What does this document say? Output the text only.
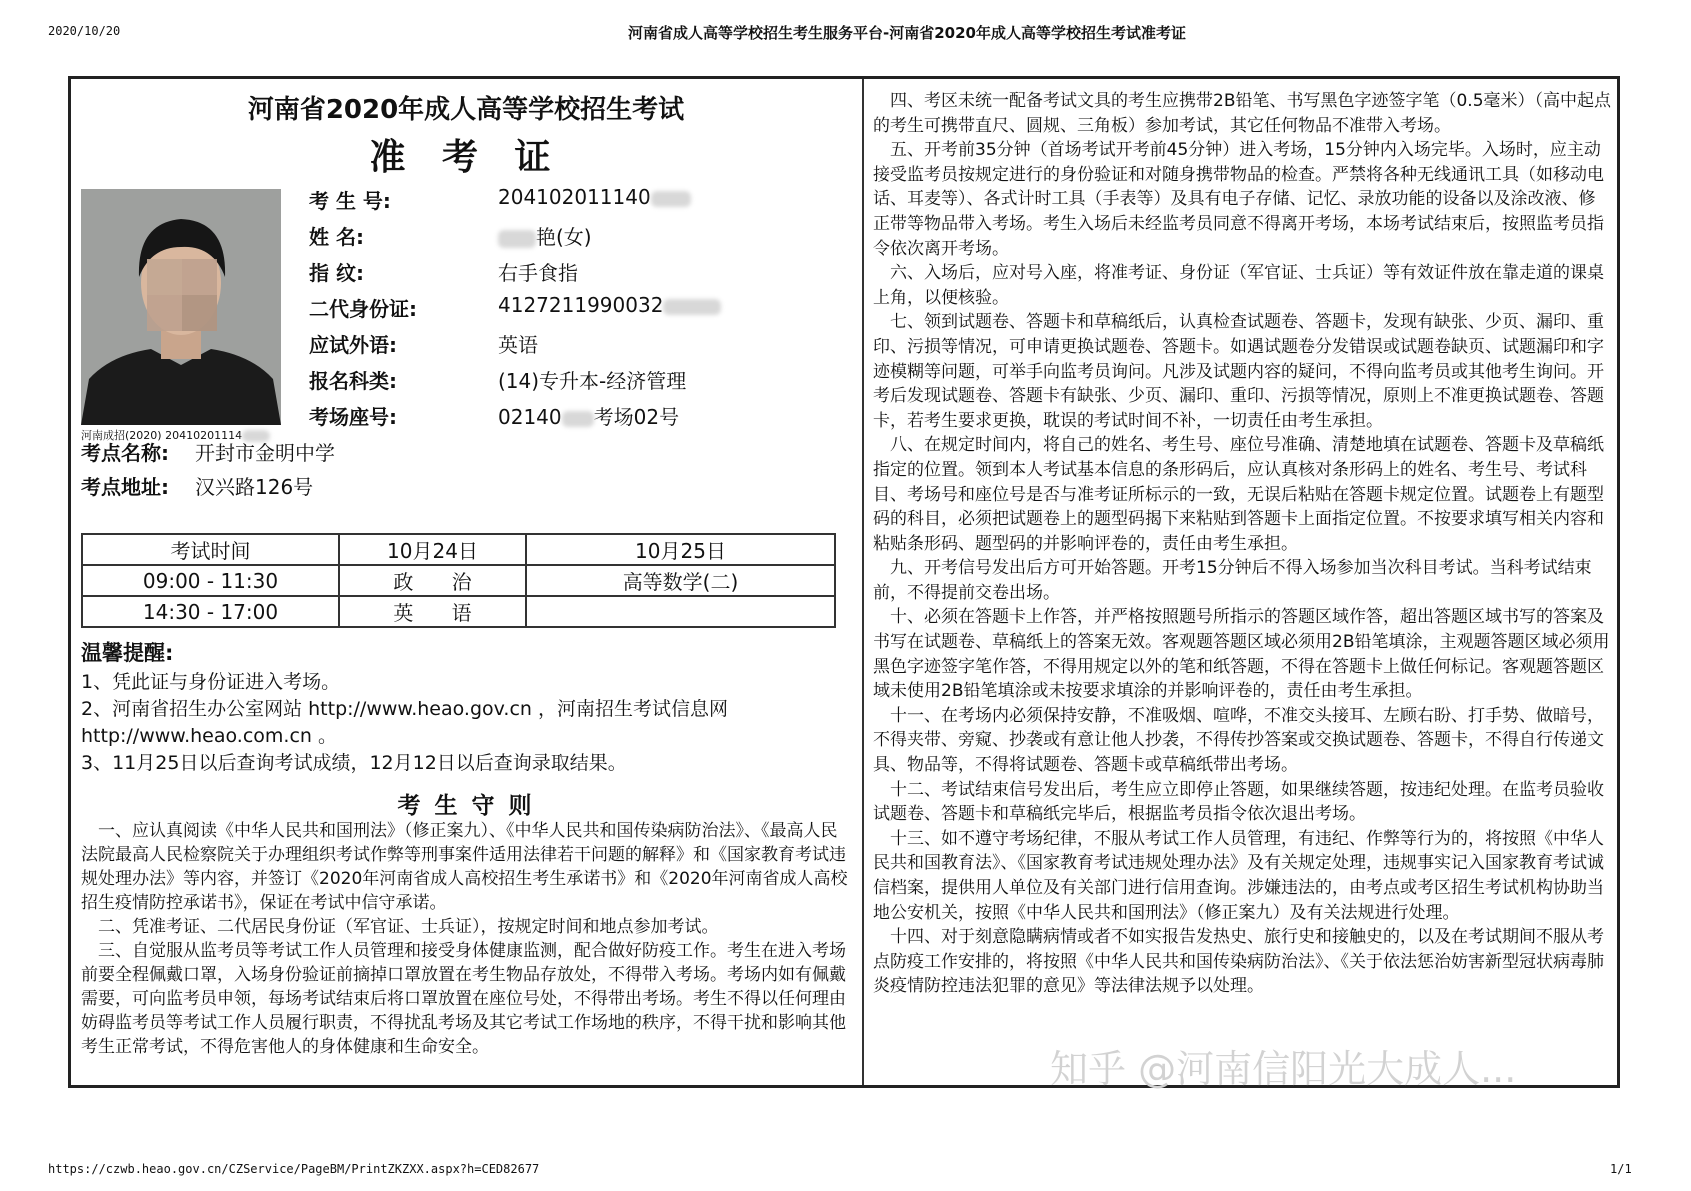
2020/10/20	河南省成人高等学校招生考生服务平台-河南省2020年成人高等学校招生考试准考证
河南省2020年成人高等学校招生考试
准 考 证
河南成招(2020) 20410201114
考 生 号:	204102011140
姓 名:	艳(女)
指 纹:	右手食指
二代身份证:	4127211990032
应试外语:	英语
报名科类:	(14)专升本-经济管理
考场座号:	02140 考场02号
考点名称: 开封市金明中学
考点地址: 汉兴路126号
考试时间	10月24日	10月25日
09:00 - 11:30	政      治	高等数学(二)
14:30 - 17:00	英      语	
温馨提醒:

1、凭此证与身份证进入考场。

2、河南省招生办公室网站 http://www.heao.gov.cn ，河南招生考试信息网

http://www.heao.com.cn 。

3、11月25日以后查询考试成绩，12月12日以后查询录取结果。

考 生 守 则

一、应认真阅读《中华人民共和国刑法》（修正案九）、《中华人民共和国传染病防治法》、《最高人民法院最高人民检察院关于办理组织考试作弊等刑事案件适用法律若干问题的解释》和《国家教育考试违规处理办法》等内容，并签订《2020年河南省成人高校招生考生承诺书》和《2020年河南省成人高校招生疫情防控承诺书》，保证在考试中信守承诺。

二、凭准考证、二代居民身份证（军官证、士兵证），按规定时间和地点参加考试。

三、自觉服从监考员等考试工作人员管理和接受身体健康监测，配合做好防疫工作。考生在进入考场前要全程佩戴口罩，入场身份验证前摘掉口罩放置在考生物品存放处，不得带入考场。考场内如有佩戴需要，可向监考员申领，每场考试结束后将口罩放置在座位号处，不得带出考场。考生不得以任何理由妨碍监考员等考试工作人员履行职责，不得扰乱考场及其它考试工作场地的秩序，不得干扰和影响其他考生正常考试，不得危害他人的身体健康和生命安全。

四、考区未统一配备考试文具的考生应携带2B铅笔、书写黑色字迹签字笔（0.5毫米）（高中起点的考生可携带直尺、圆规、三角板）参加考试，其它任何物品不准带入考场。

五、开考前35分钟（首场考试开考前45分钟）进入考场，15分钟内入场完毕。入场时，应主动接受监考员按规定进行的身份验证和对随身携带物品的检查。严禁将各种无线通讯工具（如移动电话、耳麦等）、各式计时工具（手表等）及具有电子存储、记忆、录放功能的设备以及涂改液、修正带等物品带入考场。考生入场后未经监考员同意不得离开考场，本场考试结束后，按照监考员指令依次离开考场。

六、入场后，应对号入座，将准考证、身份证（军官证、士兵证）等有效证件放在靠走道的课桌上角，以便核验。

七、领到试题卷、答题卡和草稿纸后，认真检查试题卷、答题卡，发现有缺张、少页、漏印、重印、污损等情况，可申请更换试题卷、答题卡。如遇试题卷分发错误或试题卷缺页、试题漏印和字迹模糊等问题，可举手向监考员询问。凡涉及试题内容的疑问，不得向监考员或其他考生询问。开考后发现试题卷、答题卡有缺张、少页、漏印、重印、污损等情况，原则上不准更换试题卷、答题卡，若考生要求更换，耽误的考试时间不补，一切责任由考生承担。

八、在规定时间内，将自己的姓名、考生号、座位号准确、清楚地填在试题卷、答题卡及草稿纸指定的位置。领到本人考试基本信息的条形码后，应认真核对条形码上的姓名、考生号、考试科目、考场号和座位号是否与准考证所标示的一致，无误后粘贴在答题卡规定位置。试题卷上有题型码的科目，必须把试题卷上的题型码揭下来粘贴到答题卡上面指定位置。不按要求填写相关内容和粘贴条形码、题型码的并影响评卷的，责任由考生承担。

九、开考信号发出后方可开始答题。开考15分钟后不得入场参加当次科目考试。当科考试结束前，不得提前交卷出场。

十、必须在答题卡上作答，并严格按照题号所指示的答题区域作答，超出答题区域书写的答案及书写在试题卷、草稿纸上的答案无效。客观题答题区域必须用2B铅笔填涂，主观题答题区域必须用黑色字迹签字笔作答，不得用规定以外的笔和纸答题，不得在答题卡上做任何标记。客观题答题区域未使用2B铅笔填涂或未按要求填涂的并影响评卷的，责任由考生承担。

十一、在考场内必须保持安静，不准吸烟、喧哗，不准交头接耳、左顾右盼、打手势、做暗号，不得夹带、旁窥、抄袭或有意让他人抄袭，不得传抄答案或交换试题卷、答题卡，不得自行传递文具、物品等，不得将试题卷、答题卡或草稿纸带出考场。

十二、考试结束信号发出后，考生应立即停止答题，如果继续答题，按违纪处理。在监考员验收试题卷、答题卡和草稿纸完毕后，根据监考员指令依次退出考场。

十三、如不遵守考场纪律，不服从考试工作人员管理，有违纪、作弊等行为的，将按照《中华人民共和国教育法》、《国家教育考试违规处理办法》及有关规定处理，违规事实记入国家教育考试诚信档案，提供用人单位及有关部门进行信用查询。涉嫌违法的，由考点或考区招生考试机构协助当地公安机关，按照《中华人民共和国刑法》（修正案九）及有关法规进行处理。

十四、对于刻意隐瞒病情或者不如实报告发热史、旅行史和接触史的，以及在考试期间不服从考点防疫工作安排的，将按照《中华人民共和国传染病防治法》、《关于依法惩治妨害新型冠状病毒肺炎疫情防控违法犯罪的意见》等法律法规予以处理。

知乎 @河南信阳光大成人...
https://czwb.heao.gov.cn/CZService/PageBM/PrintZKZXX.aspx?h=CED82677	1/1
